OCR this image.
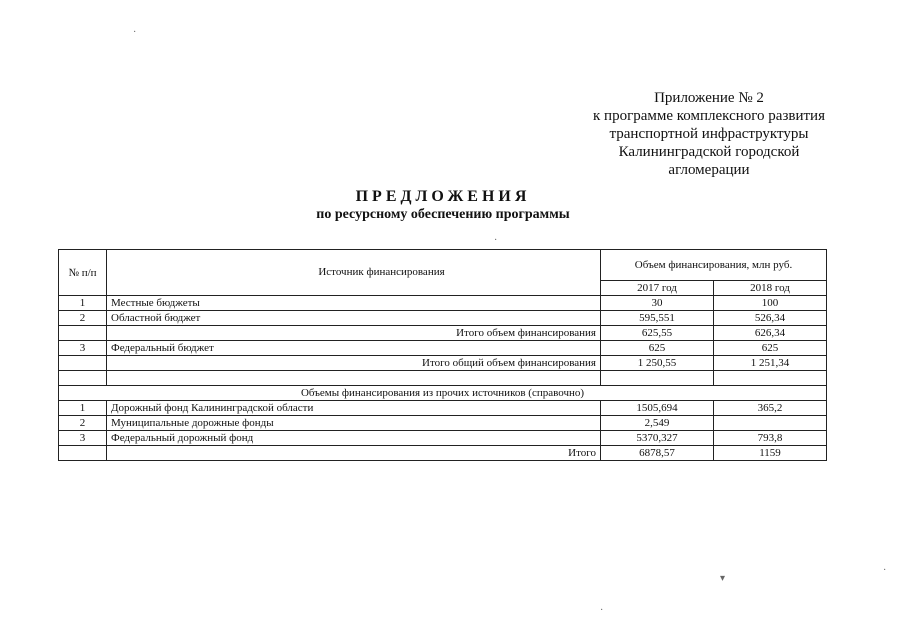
Приложение № 2
к программе комплексного развития
транспортной инфраструктуры
Калининградской городской
агломерации
ПРЕДЛОЖЕНИЯ
по ресурсному обеспечению программы
№ п/п	Источник финансирования	Объем финансирования, млн руб.	
		2017 год	2018 год
1	Местные бюджеты	30	100
2	Областной бюджет	595,551	526,34
	Итого объем финансирования	625,55	626,34
3	Федеральный бюджет	625	625
	Итого общий объем финансирования	1 250,55	1 251,34

Объемы финансирования из прочих источников (справочно)			
1	Дорожный фонд Калининградской области	1505,694	365,2
2	Муниципальные дорожные фонды	2,549	
3	Федеральный дорожный фонд	5370,327	793,8
	Итого	6878,57	1159
·
·
▾
·
·
